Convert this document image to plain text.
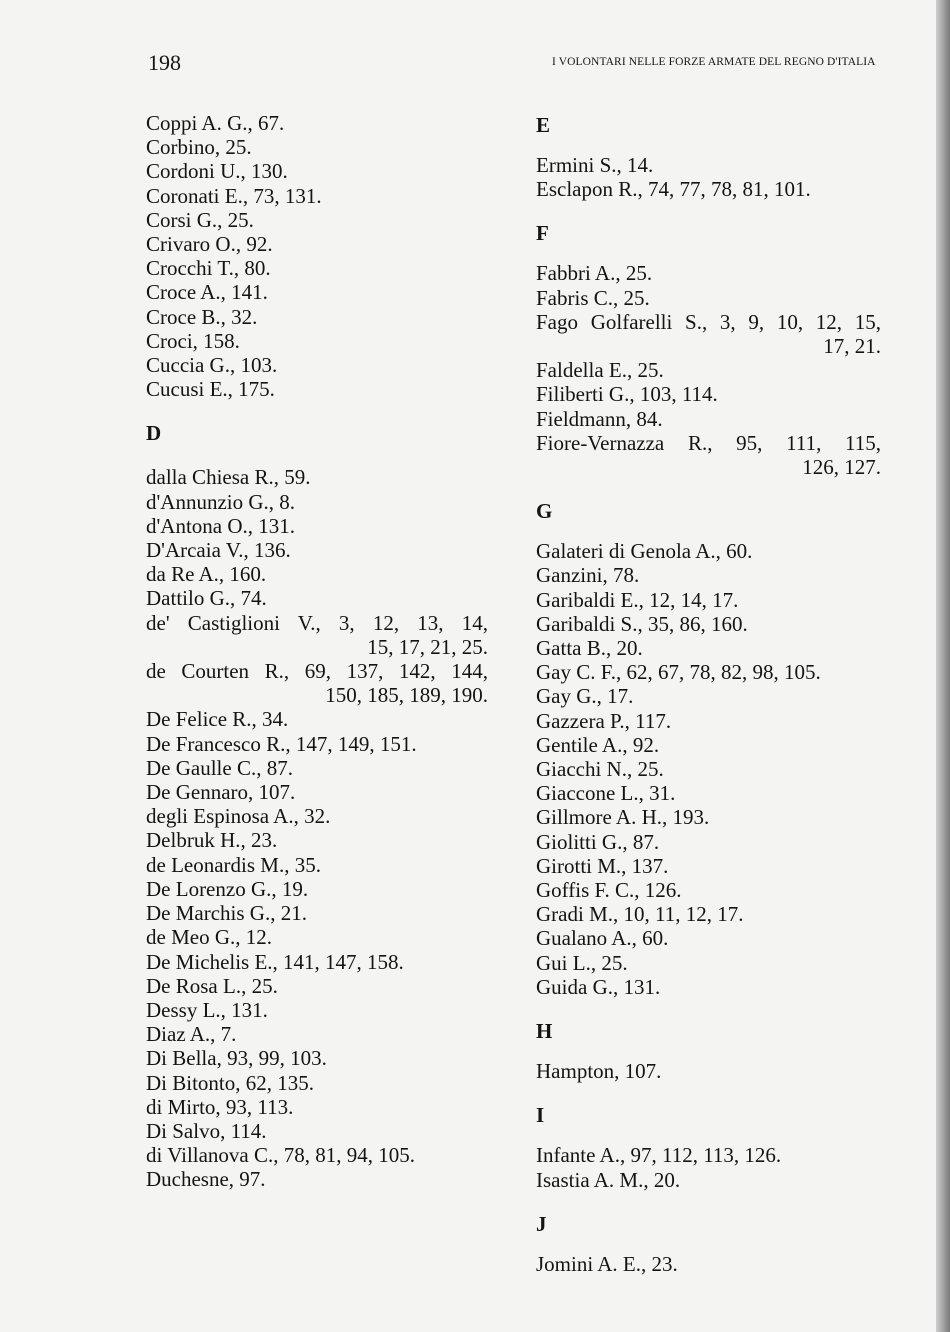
198	I VOLONTARI NELLE FORZE ARMATE DEL REGNO D'ITALIA
Coppi A. G., 67.
Corbino, 25.
Cordoni U., 130.
Coronati E., 73, 131.
Corsi G., 25.
Crivaro O., 92.
Crocchi T., 80.
Croce A., 141.
Croce B., 32.
Croci, 158.
Cuccia G., 103.
Cucusi E., 175.
D
dalla Chiesa R., 59.
d'Annunzio G., 8.
d'Antona O., 131.
D'Arcaia V., 136.
da Re A., 160.
Dattilo G., 74.
de' Castiglioni V., 3, 12, 13, 14,
15, 17, 21, 25.
de Courten R., 69, 137, 142, 144,
150, 185, 189, 190.
De Felice R., 34.
De Francesco R., 147, 149, 151.
De Gaulle C., 87.
De Gennaro, 107.
degli Espinosa A., 32.
Delbruk H., 23.
de Leonardis M., 35.
De Lorenzo G., 19.
De Marchis G., 21.
de Meo G., 12.
De Michelis E., 141, 147, 158.
De Rosa L., 25.
Dessy L., 131.
Diaz A., 7.
Di Bella, 93, 99, 103.
Di Bitonto, 62, 135.
di Mirto, 93, 113.
Di Salvo, 114.
di Villanova C., 78, 81, 94, 105.
Duchesne, 97.
E
Ermini S., 14.
Esclapon R., 74, 77, 78, 81, 101.
F
Fabbri A., 25.
Fabris C., 25.
Fago Golfarelli S., 3, 9, 10, 12, 15,
17, 21.
Faldella E., 25.
Filiberti G., 103, 114.
Fieldmann, 84.
Fiore-Vernazza R., 95, 111, 115,
126, 127.
G
Galateri di Genola A., 60.
Ganzini, 78.
Garibaldi E., 12, 14, 17.
Garibaldi S., 35, 86, 160.
Gatta B., 20.
Gay C. F., 62, 67, 78, 82, 98, 105.
Gay G., 17.
Gazzera P., 117.
Gentile A., 92.
Giacchi N., 25.
Giaccone L., 31.
Gillmore A. H., 193.
Giolitti G., 87.
Girotti M., 137.
Goffis F. C., 126.
Gradi M., 10, 11, 12, 17.
Gualano A., 60.
Gui L., 25.
Guida G., 131.
H
Hampton, 107.
I
Infante A., 97, 112, 113, 126.
Isastia A. M., 20.
J
Jomini A. E., 23.
